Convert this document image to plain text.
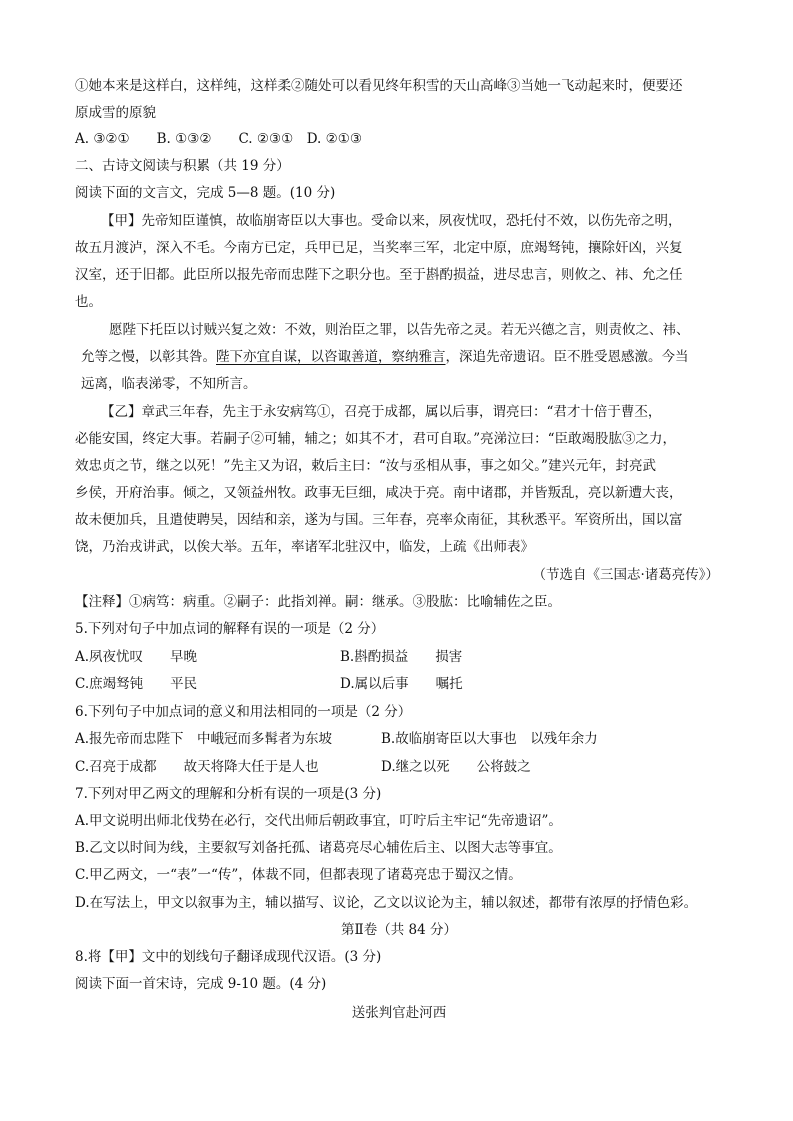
①她本来是这样白，这样纯，这样柔②随处可以看见终年积雪的天山高峰③当她一飞动起来时，便要还
原成雪的原貌
A. ③②①　　B. ①③②　　C. ②③①　D. ②①③
二、古诗文阅读与积累（共 19 分）
阅读下面的文言文，完成 5—8 题。(10 分)
【甲】先帝知臣谨慎，故临崩寄臣以大事也。受命以来，夙夜忧叹，恐托付不效，以伤先帝之明，
故五月渡泸，深入不毛。今南方已定，兵甲已足，当奖率三军，北定中原，庶竭驽钝，攘除奸凶，兴复
汉室，还于旧都。此臣所以报先帝而忠陛下之职分也。至于斟酌损益，进尽忠言，则攸之、祎、允之任
也。
愿陛下托臣以讨贼兴复之效：不效，则治臣之罪，以告先帝之灵。若无兴德之言，则责攸之、祎、
允等之慢，以彰其咎。陛下亦宜自谋，以咨诹善道，察纳雅言，深追先帝遗诏。臣不胜受恩感激。今当
远离，临表涕零，不知所言。
【乙】章武三年春，先主于永安病笃①，召亮于成都，属以后事，谓亮曰：“君才十倍于曹丕，
必能安国，终定大事。若嗣子②可辅，辅之；如其不才，君可自取。”亮涕泣曰：“臣敢竭股肱③之力，
效忠贞之节，继之以死！”先主又为诏，敕后主曰：“汝与丞相从事，事之如父。”建兴元年，封亮武
乡侯，开府治事。倾之，又领益州牧。政事无巨细，咸决于亮。南中诸郡，并皆叛乱，亮以新遭大丧，
故未便加兵，且遣使聘吴，因结和亲，遂为与国。三年春，亮率众南征，其秋悉平。军资所出，国以富
饶，乃治戎讲武，以俟大举。五年，率诸军北驻汉中，临发，上疏《出师表》
（节选自《三国志·诸葛亮传》）
【注释】①病笃：病重。②嗣子：此指刘禅。嗣：继承。③股肱：比喻辅佐之臣。
5.下列对句子中加点词的解释有误的一项是（2 分）
A.夙夜忧叹　　早晚	B.斟酌损益　　损害
C.庶竭驽钝　　平民	D.属以后事　　嘱托
6.下列句子中加点词的意义和用法相同的一项是（2 分）
A.报先帝而忠陛下　中峨冠而多髯者为东坡	B.故临崩寄臣以大事也　以残年余力
C.召亮于成都　　故天将降大任于是人也	D.继之以死　　公将鼓之
7.下列对甲乙两文的理解和分析有误的一项是(3 分)
A.甲文说明出师北伐势在必行，交代出师后朝政事宜，叮咛后主牢记“先帝遗诏”。
B.乙文以时间为线，主要叙写刘备托孤、诸葛亮尽心辅佐后主、以图大志等事宜。
C.甲乙两文，一“表”一“传”，体裁不同，但都表现了诸葛亮忠于蜀汉之情。
D.在写法上，甲文以叙事为主，辅以描写、议论，乙文以议论为主，辅以叙述，都带有浓厚的抒情色彩。
第Ⅱ卷（共 84 分）
8.将【甲】文中的划线句子翻译成现代汉语。(3 分)
阅读下面一首宋诗，完成 9-10 题。(4 分)
送张判官赴河西
